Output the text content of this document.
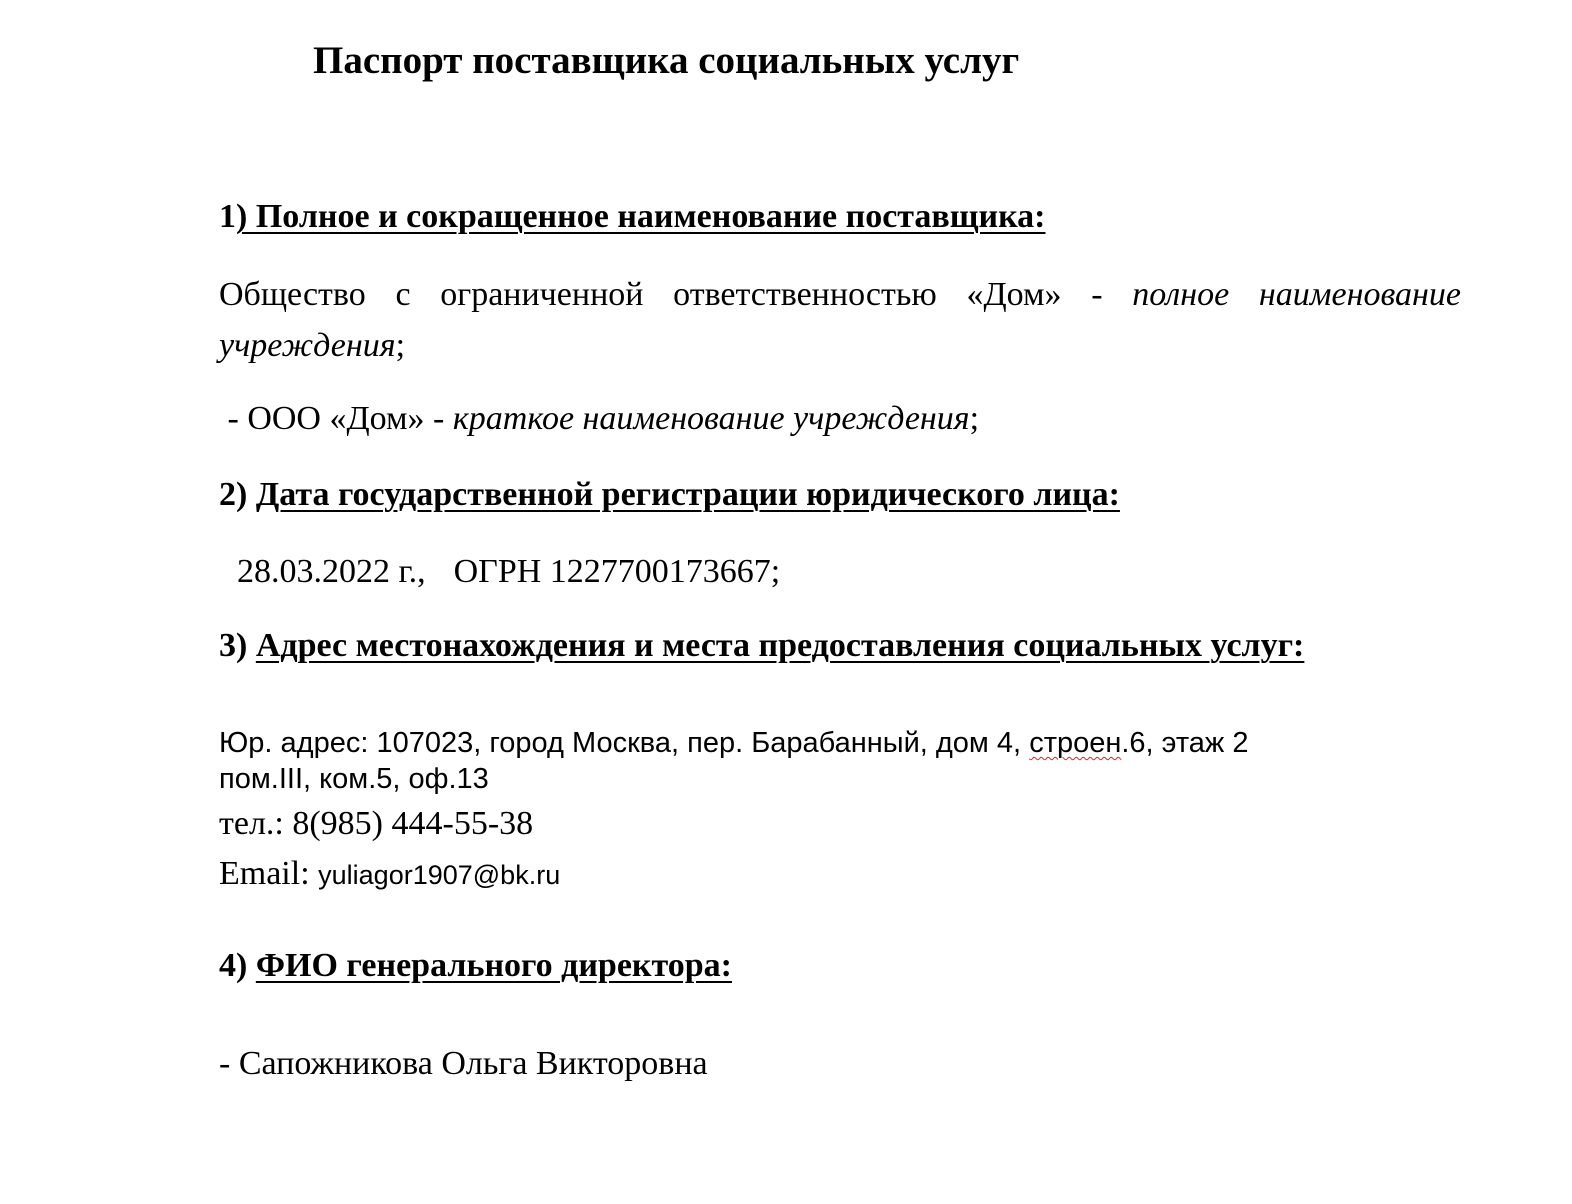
Паспорт поставщика социальных услуг
1) Полное и сокращенное наименование поставщика:
Общество с ограниченной ответственностью «Дом» - полное наименование
учреждения;
- ООО «Дом» - краткое наименование учреждения;
2) Дата государственной регистрации юридического лица:
28.03.2022 г., ОГРН 1227700173667;
3) Адрес местонахождения и места предоставления социальных услуг:
Юр. адрес: 107023, город Москва, пер. Барабанный, дом 4, строен.6, этаж 2
пом.III, ком.5, оф.13
тел.: 8(985) 444-55-38
Email: yuliagor1907@bk.ru
4) ФИО генерального директора:
- Сапожникова Ольга Викторовна
